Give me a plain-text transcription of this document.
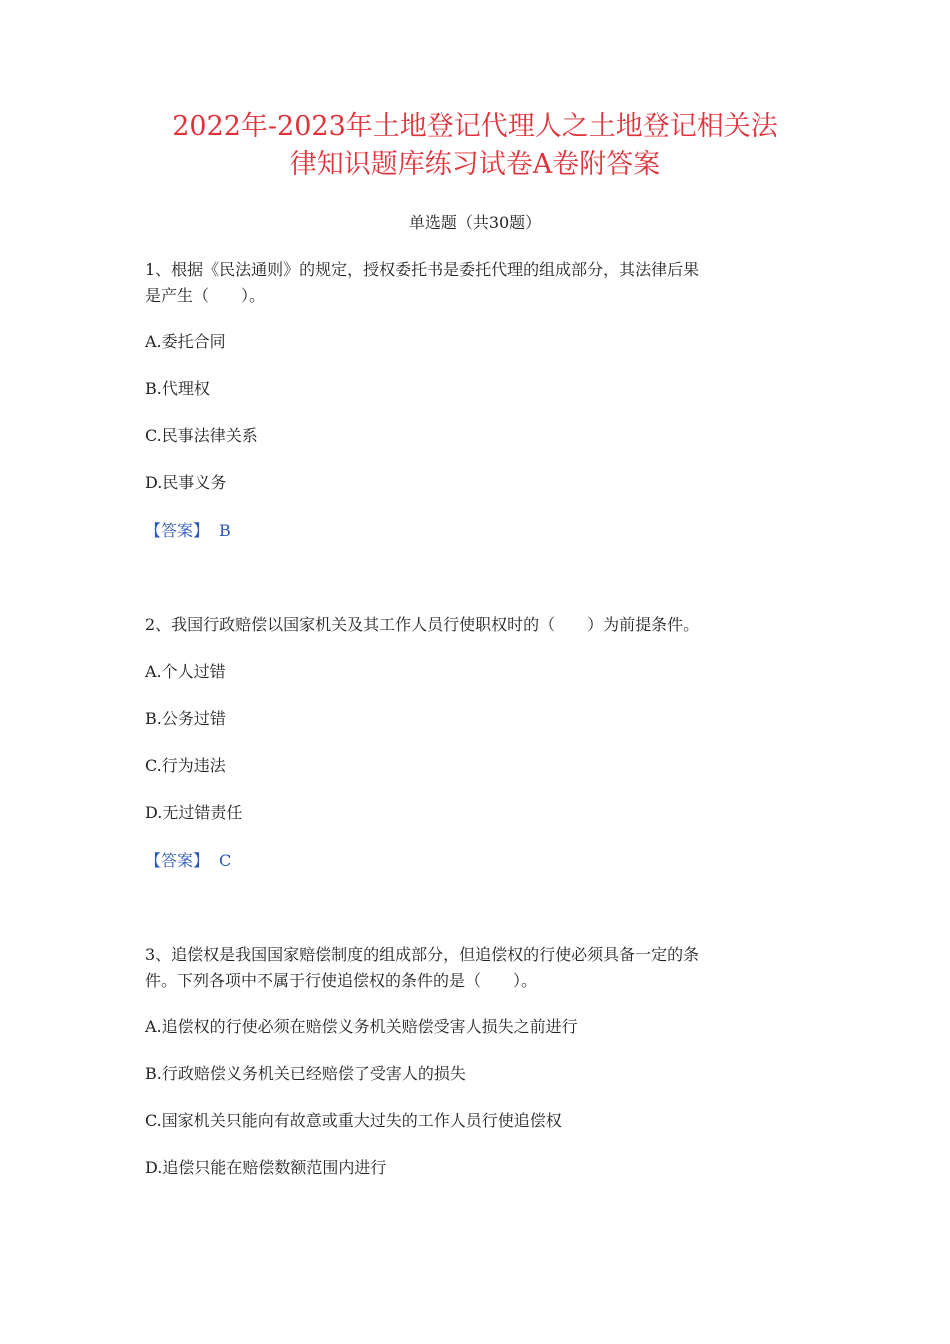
2022年-2023年土地登记代理人之土地登记相关法
律知识题库练习试卷A卷附答案
单选题（共30题）

1、根据《民法通则》的规定，授权委托书是委托代理的组成部分，其法律后果
是产生（　　）。

A.委托合同

B.代理权

C.民事法律关系

D.民事义务

【答案】 B

2、我国行政赔偿以国家机关及其工作人员行使职权时的（　　）为前提条件。

A.个人过错

B.公务过错

C.行为违法

D.无过错责任

【答案】 C

3、追偿权是我国国家赔偿制度的组成部分，但追偿权的行使必须具备一定的条
件。下列各项中不属于行使追偿权的条件的是（　　）。

A.追偿权的行使必须在赔偿义务机关赔偿受害人损失之前进行

B.行政赔偿义务机关已经赔偿了受害人的损失

C.国家机关只能向有故意或重大过失的工作人员行使追偿权

D.追偿只能在赔偿数额范围内进行
